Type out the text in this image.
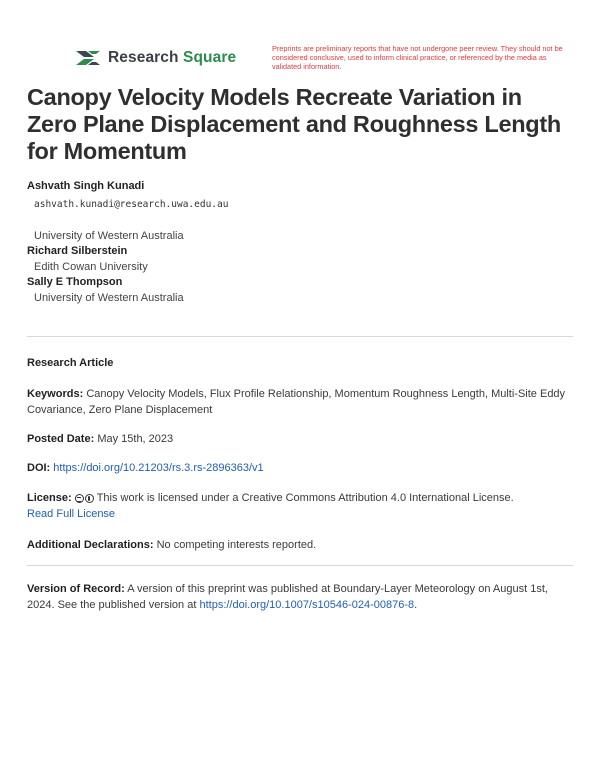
Research Square
Preprints are preliminary reports that have not undergone peer review. They should not be considered conclusive, used to inform clinical practice, or referenced by the media as validated information.
Canopy Velocity Models Recreate Variation in Zero Plane Displacement and Roughness Length for Momentum
Ashvath Singh Kunadi
ashvath.kunadi@research.uwa.edu.au
University of Western Australia
Richard Silberstein
Edith Cowan University
Sally E Thompson
University of Western Australia
Research Article
Keywords: Canopy Velocity Models, Flux Profile Relationship, Momentum Roughness Length, Multi-Site Eddy Covariance, Zero Plane Displacement
Posted Date: May 15th, 2023
DOI: https://doi.org/10.21203/rs.3.rs-2896363/v1
License: This work is licensed under a Creative Commons Attribution 4.0 International License.
Read Full License
Additional Declarations: No competing interests reported.
Version of Record: A version of this preprint was published at Boundary-Layer Meteorology on August 1st, 2024. See the published version at https://doi.org/10.1007/s10546-024-00876-8.
